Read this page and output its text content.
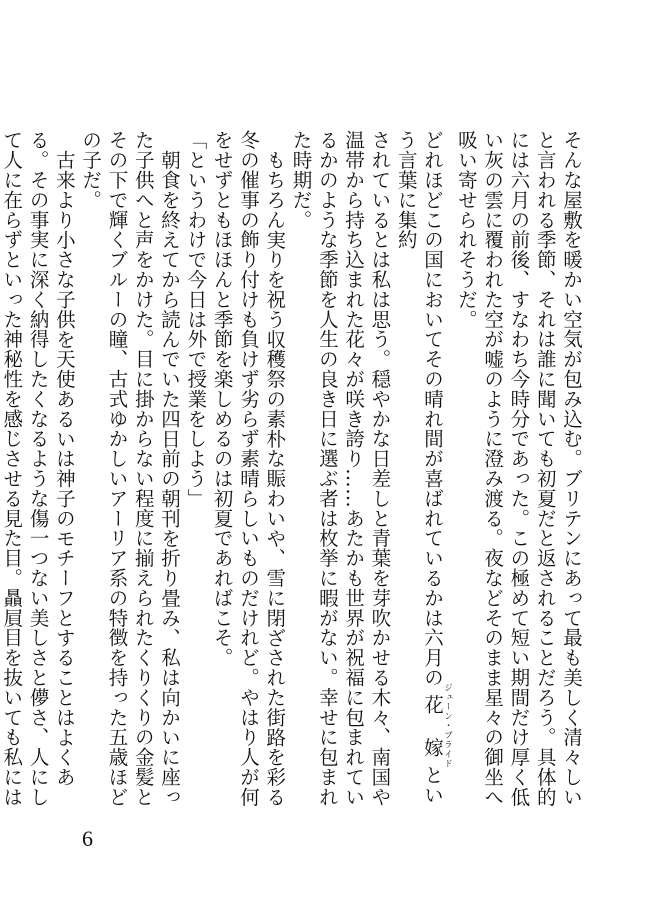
そんな屋敷を暖かい空気が包み込む。ブリテンにあって最も美しく清々しいと言われる季節、それは誰に聞いても初夏だと返されることだろう。具体的には六月の前後、すなわち今時分であった。この極めて短い期間だけ厚く低い灰の雲に覆われた空が嘘のように澄み渡る。夜などそのまま星々の御坐へ吸い寄せられそうだ。

どれほどこの国においてその晴れ間が喜ばれているかは六月の花嫁ジューン・ブライドという言葉に集約

されているとは私は思う。穏やかな日差しと青葉を芽吹かせる木々、南国や温帯から持ち込まれた花々が咲き誇り……あたかも世界が祝福に包まれているかのような季節を人生の良き日に選ぶ者は枚挙に暇がない。幸せに包まれた時期だ。

もちろん実りを祝う収穫祭の素朴な賑わいや、雪に閉ざされた街路を彩る冬の催事の飾り付けも負けず劣らず素晴らしいものだけれど。やはり人が何をせずともほほんと季節を楽しめるのは初夏であればこそ。

「というわけで今日は外で授業をしよう」

朝食を終えてから読んでいた四日前の朝刊を折り畳み、私は向かいに座った子供へと声をかけた。目に掛からない程度に揃えられたくりくりの金髪とその下で輝くブルーの瞳、古式ゆかしいアーリア系の特徴を持った五歳ほどの子だ。

古来より小さな子供を天使あるいは神子のモチーフとすることはよくある。その事実に深く納得したくなるような傷一つない美しさと儚さ、人にして人に在らずといった神秘性を感じさせる見た目。贔屓目を抜いても私には

6
